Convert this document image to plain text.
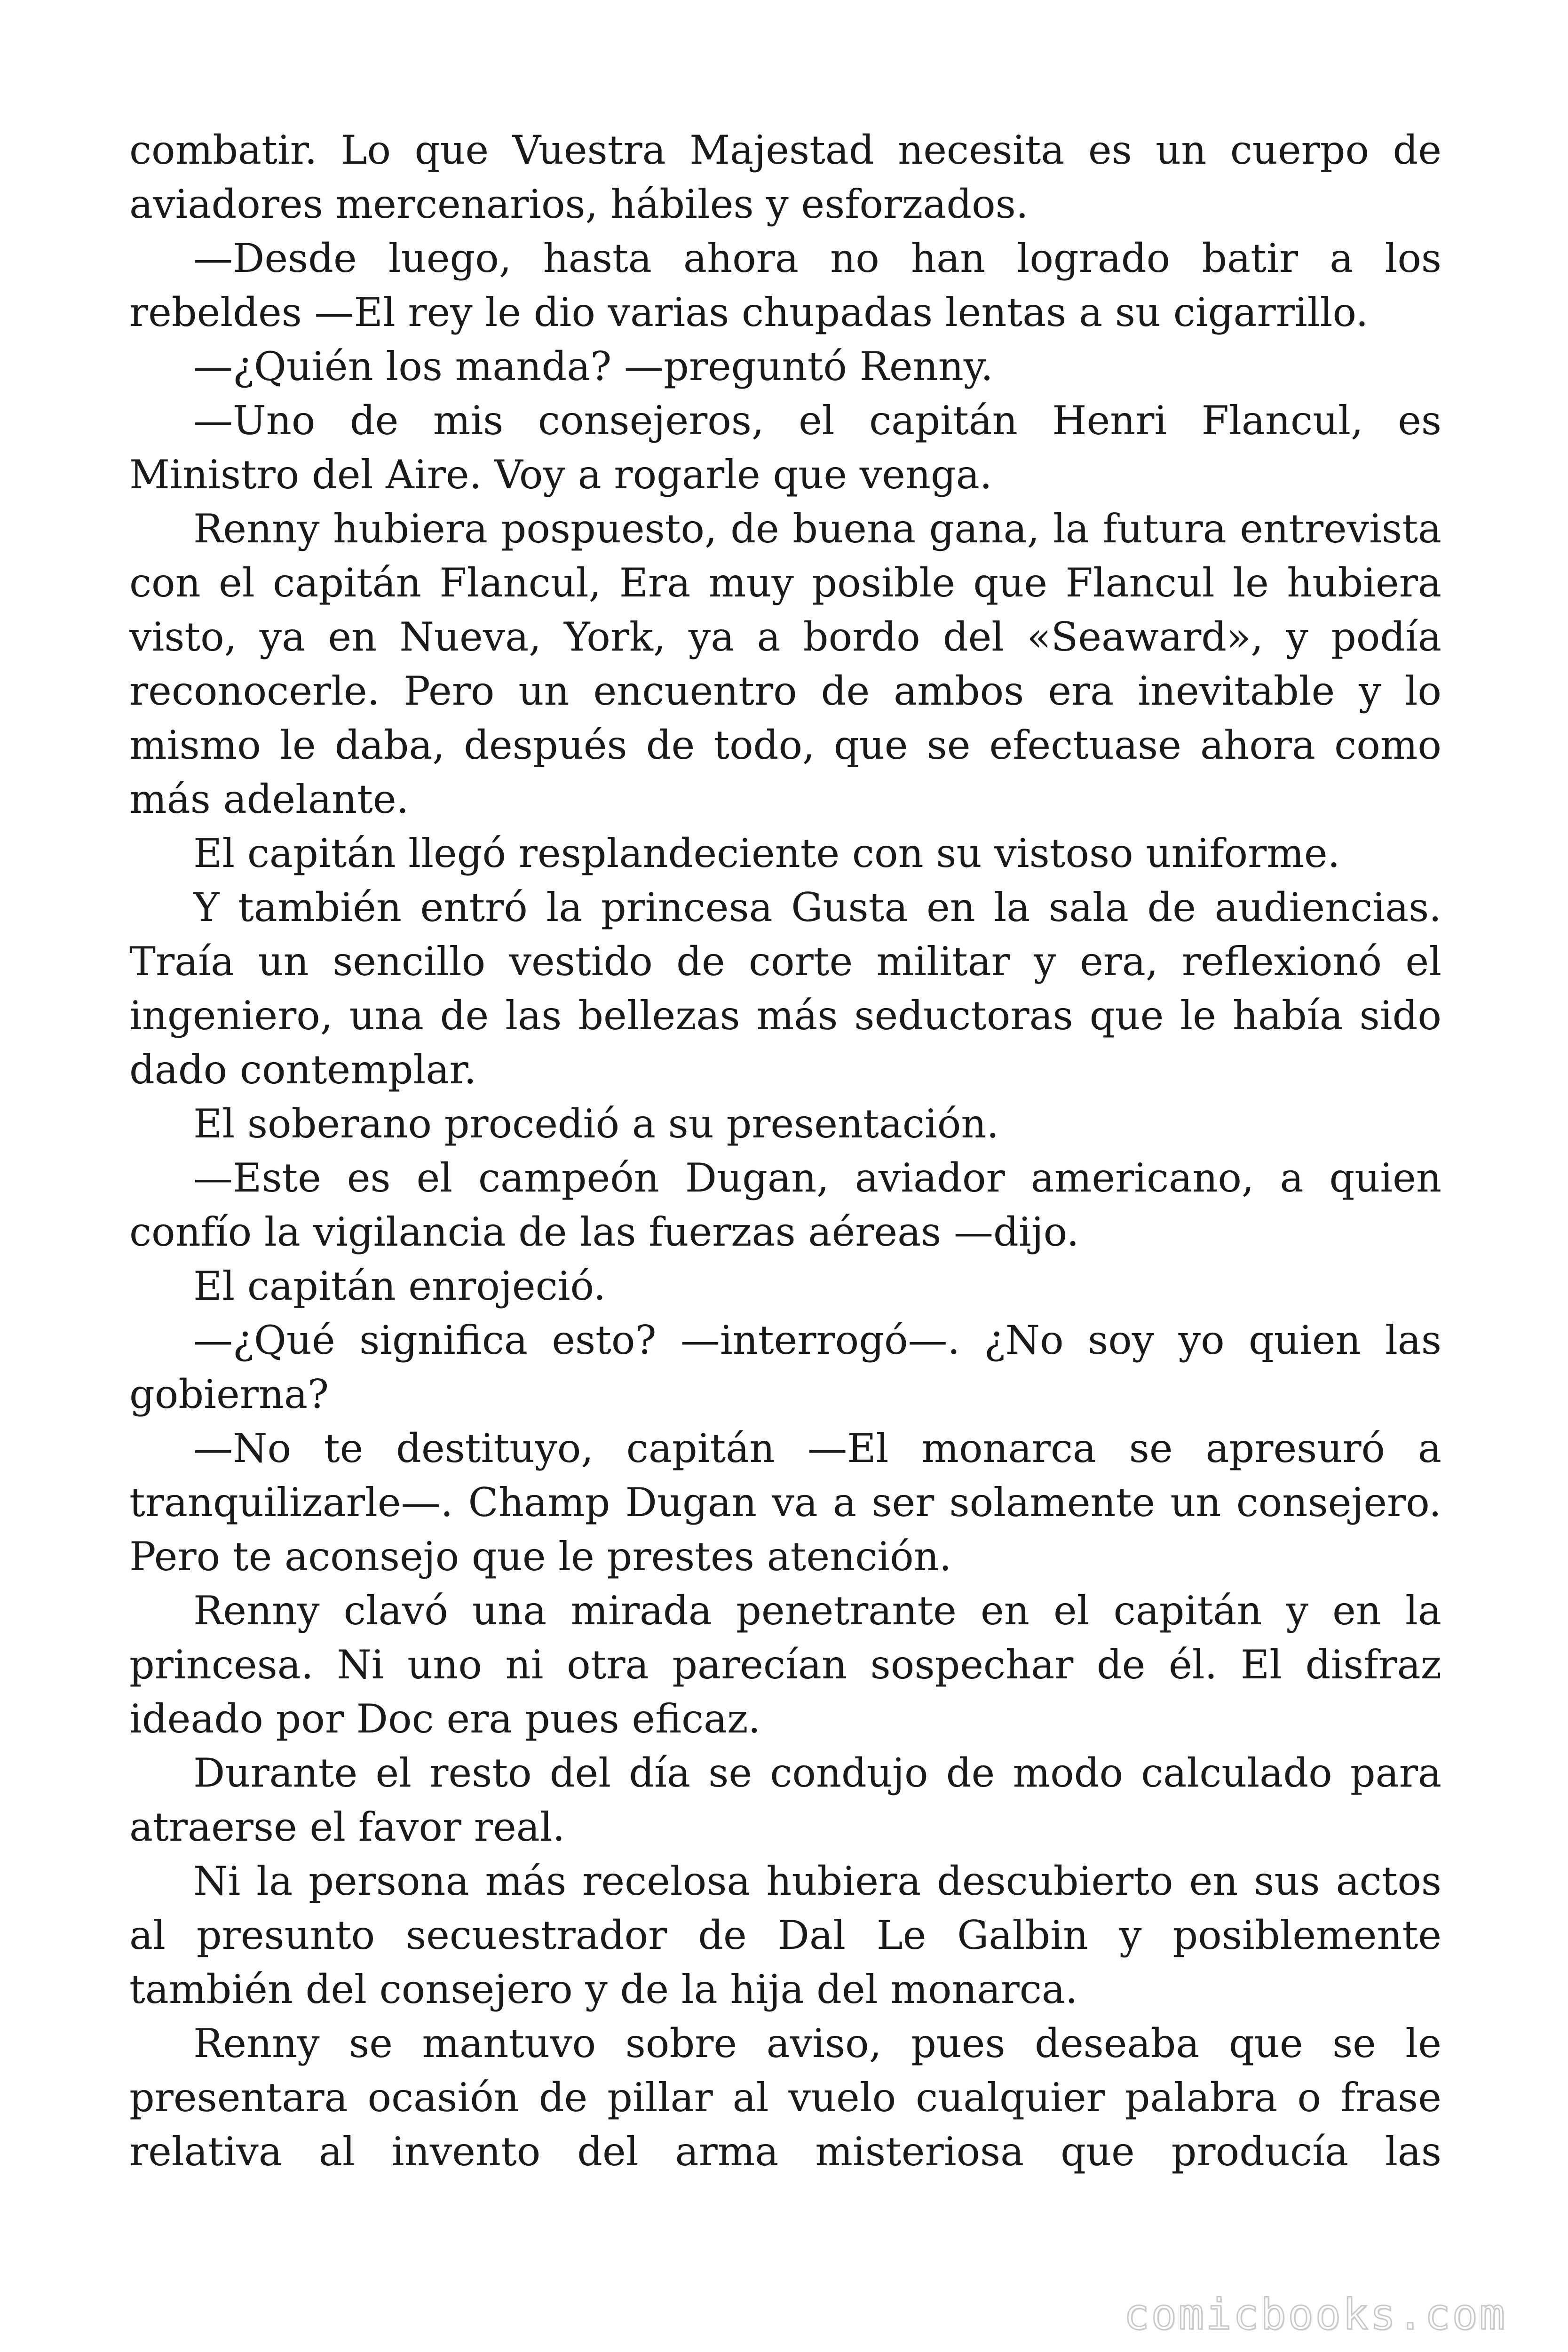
combatir. Lo que Vuestra Majestad necesita es un cuerpo de aviadores mercenarios, hábiles y esforzados.

—Desde luego, hasta ahora no han logrado batir a los rebeldes —El rey le dio varias chupadas lentas a su cigarrillo.

—¿Quién los manda? —preguntó Renny.

—Uno de mis consejeros, el capitán Henri Flancul, es Ministro del Aire. Voy a rogarle que venga.

Renny hubiera pospuesto, de buena gana, la futura entrevista con el capitán Flancul, Era muy posible que Flancul le hubiera visto, ya en Nueva, York, ya a bordo del «Seaward», y podía reconocerle. Pero un encuentro de ambos era inevitable y lo mismo le daba, después de todo, que se efectuase ahora como más adelante.

El capitán llegó resplandeciente con su vistoso uniforme.

Y también entró la princesa Gusta en la sala de audiencias. Traía un sencillo vestido de corte militar y era, reflexionó el ingeniero, una de las bellezas más seductoras que le había sido dado contemplar.

El soberano procedió a su presentación.

—Este es el campeón Dugan, aviador americano, a quien confío la vigilancia de las fuerzas aéreas —dijo.

El capitán enrojeció.

—¿Qué significa esto? —interrogó—. ¿No soy yo quien las gobierna?

—No te destituyo, capitán —El monarca se apresuró a tranquilizarle—. Champ Dugan va a ser solamente un consejero. Pero te aconsejo que le prestes atención.

Renny clavó una mirada penetrante en el capitán y en la princesa. Ni uno ni otra parecían sospechar de él. El disfraz ideado por Doc era pues eficaz.

Durante el resto del día se condujo de modo calculado para atraerse el favor real.

Ni la persona más recelosa hubiera descubierto en sus actos al presunto secuestrador de Dal Le Galbin y posiblemente también del consejero y de la hija del monarca.

Renny se mantuvo sobre aviso, pues deseaba que se le presentara ocasión de pillar al vuelo cualquier palabra o frase relativa al invento del arma misteriosa que producía las

comicbooks.com
